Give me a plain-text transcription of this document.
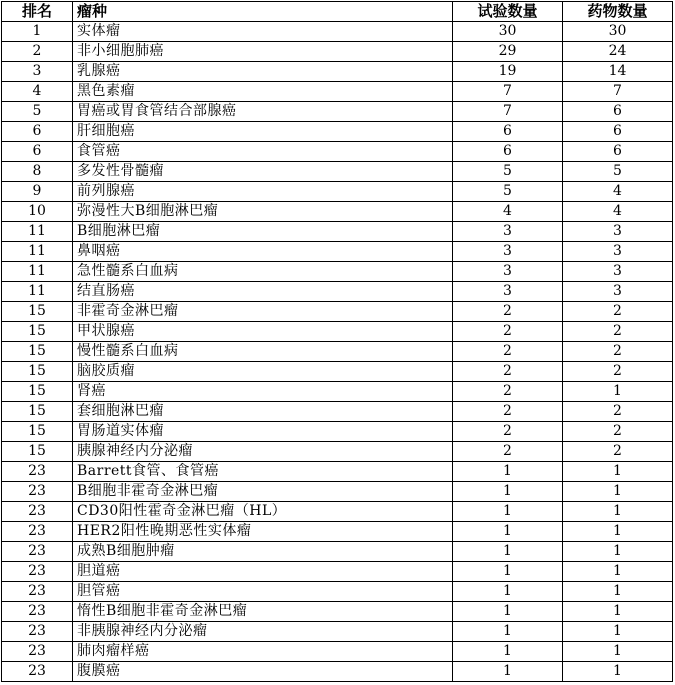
排名	瘤种	试验数量	药物数量
1	实体瘤	30	30
2	非小细胞肺癌	29	24
3	乳腺癌	19	14
4	黑色素瘤	7	7
5	胃癌或胃食管结合部腺癌	7	6
6	肝细胞癌	6	6
6	食管癌	6	6
8	多发性骨髓瘤	5	5
9	前列腺癌	5	4
10	弥漫性大B细胞淋巴瘤	4	4
11	B细胞淋巴瘤	3	3
11	鼻咽癌	3	3
11	急性髓系白血病	3	3
11	结直肠癌	3	3
15	非霍奇金淋巴瘤	2	2
15	甲状腺癌	2	2
15	慢性髓系白血病	2	2
15	脑胶质瘤	2	2
15	肾癌	2	1
15	套细胞淋巴瘤	2	2
15	胃肠道实体瘤	2	2
15	胰腺神经内分泌瘤	2	2
23	Barrett食管、食管癌	1	1
23	B细胞非霍奇金淋巴瘤	1	1
23	CD30阳性霍奇金淋巴瘤（HL）	1	1
23	HER2阳性晚期恶性实体瘤	1	1
23	成熟B细胞肿瘤	1	1
23	胆道癌	1	1
23	胆管癌	1	1
23	惰性B细胞非霍奇金淋巴瘤	1	1
23	非胰腺神经内分泌瘤	1	1
23	肺肉瘤样癌	1	1
23	腹膜癌	1	1
